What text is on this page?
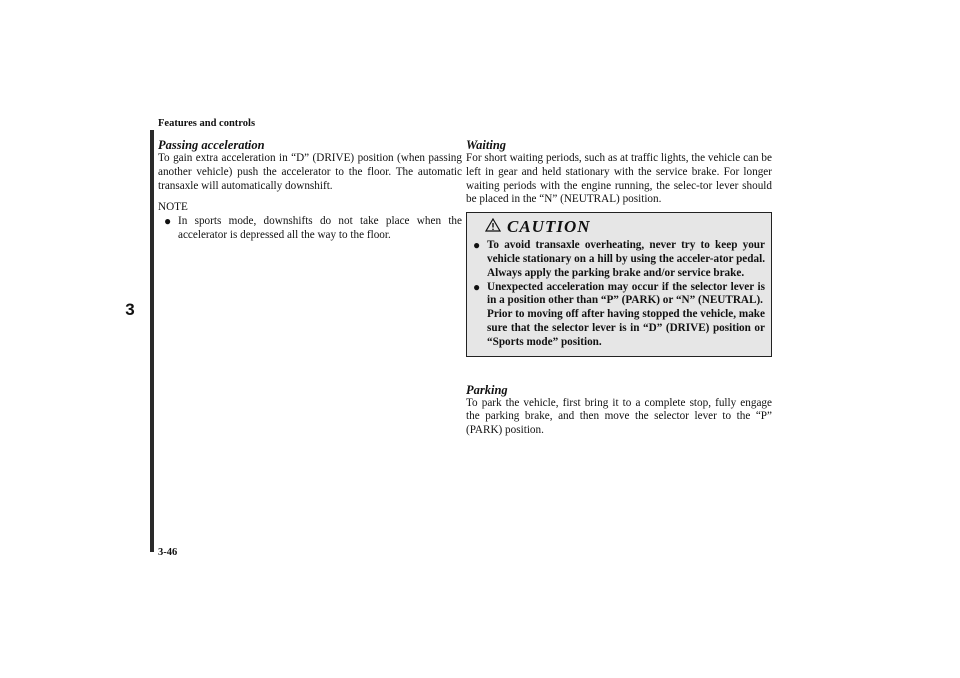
Features and controls
3

Passing acceleration

To gain extra acceleration in “D” (DRIVE) position (when passing another vehicle) push the accelerator to the floor. The automatic transaxle will automatically downshift.

NOTE

● In sports mode, downshifts do not take place when the accelerator is depressed all the way to the floor.

Waiting

For short waiting periods, such as at traffic lights, the vehicle can be left in gear and held stationary with the service brake. For longer waiting periods with the engine running, the selec-tor lever should be placed in the “N” (NEUTRAL) position.

CAUTION
● To avoid transaxle overheating, never try to keep your vehicle stationary on a hill by using the acceler-ator pedal. Always apply the parking brake and/or service brake.
● Unexpected acceleration may occur if the selector lever is in a position other than “P” (PARK) or “N” (NEUTRAL).
Prior to moving off after having stopped the vehicle, make sure that the selector lever is in “D” (DRIVE) position or “Sports mode” position.

Parking

To park the vehicle, first bring it to a complete stop, fully engage the parking brake, and then move the selector lever to the “P” (PARK) position.

3-46
